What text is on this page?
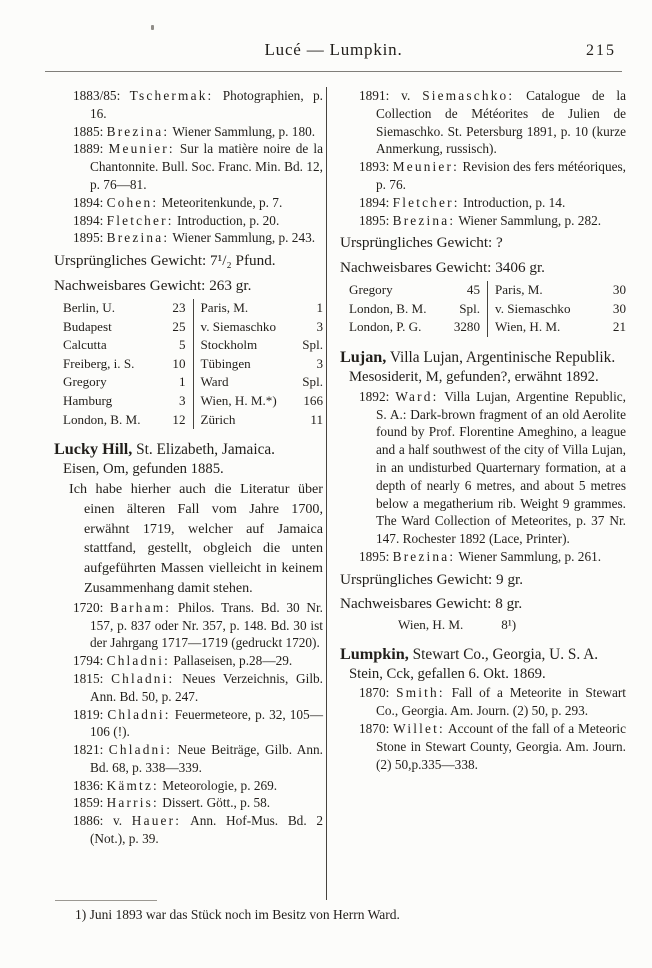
Lucé — Lumpkin.	215

1883/85: Tschermak: Photographien, p. 16.

1885: Brezina: Wiener Sammlung, p. 180.

1889: Meunier: Sur la matière noire de la Chantonnite. Bull. Soc. Franc. Min. Bd. 12, p. 76—81.

1894: Cohen: Meteoritenkunde, p. 7.

1894: Fletcher: Introduction, p. 20.

1895: Brezina: Wiener Sammlung, p. 243.

Ursprüngliches Gewicht: 7¹/₂ Pfund.

Nachweisbares Gewicht: 263 gr.

Berlin, U.	23 Paris, M.	1
Budapest	25 v. Siemaschko	3
Calcutta	5 Stockholm	Spl.
Freiberg, i. S.	10 Tübingen	3
Gregory	1 Ward	Spl.
Hamburg	3 Wien, H. M.*)	166
London, B. M.	12 Zürich	11

Lucky Hill, St. Elizabeth, Jamaica.

Eisen, Om, gefunden 1885.

Ich habe hierher auch die Literatur über einen älteren Fall vom Jahre 1700, erwähnt 1719, welcher auf Jamaica stattfand, gestellt, obgleich die unten aufgeführten Massen vielleicht in keinem Zusammenhang damit stehen.

1720: Barham: Philos. Trans. Bd. 30 Nr. 157, p. 837 oder Nr. 357, p. 148. Bd. 30 ist der Jahrgang 1717—1719 (gedruckt 1720).

1794: Chladni: Pallaseisen, p.28—29.

1815: Chladni: Neues Verzeichnis, Gilb. Ann. Bd. 50, p. 247.

1819: Chladni: Feuermeteore, p. 32, 105—106 (!).

1821: Chladni: Neue Beiträge, Gilb. Ann. Bd. 68, p. 338—339.

1836: Kämtz: Meteorologie, p. 269.

1859: Harris: Dissert. Gött., p. 58.

1886: v. Hauer: Ann. Hof-Mus. Bd. 2 (Not.), p. 39.

1891: v. Siemaschko: Catalogue de la Collection de Météorites de Julien de Siemaschko. St. Petersburg 1891, p. 10 (kurze Anmerkung, russisch).

1893: Meunier: Revision des fers météoriques, p. 76.

1894: Fletcher: Introduction, p. 14.

1895: Brezina: Wiener Sammlung, p. 282.

Ursprüngliches Gewicht: ?

Nachweisbares Gewicht: 3406 gr.

Gregory	45 Paris, M.	30
London, B. M.	Spl. v. Siemaschko	30
London, P. G.	3280 Wien, H. M.	21

Lujan, Villa Lujan, Argentinische Republik.

Mesosiderit, M, gefunden?, erwähnt 1892.

1892: Ward: Villa Lujan, Argentine Republic, S. A.: Dark-brown fragment of an old Aerolite found by Prof. Florentine Ameghino, a league and a half southwest of the city of Villa Lujan, in an undisturbed Quarternary formation, at a depth of nearly 6 metres, and about 5 metres below a megatherium rib. Weight 9 grammes. The Ward Collection of Meteorites, p. 37 Nr. 147. Rochester 1892 (Lace, Printer).

1895: Brezina: Wiener Sammlung, p. 261.

Ursprüngliches Gewicht: 9 gr.

Nachweisbares Gewicht: 8 gr.

Wien, H. M.	8¹)

Lumpkin, Stewart Co., Georgia, U. S. A.

Stein, Cck, gefallen 6. Okt. 1869.

1870: Smith: Fall of a Meteorite in Stewart Co., Georgia. Am. Journ. (2) 50, p. 293.

1870: Willet: Account of the fall of a Meteoric Stone in Stewart County, Georgia. Am. Journ. (2) 50,p.335—338.

1) Juni 1893 war das Stück noch im Besitz von Herrn Ward.
